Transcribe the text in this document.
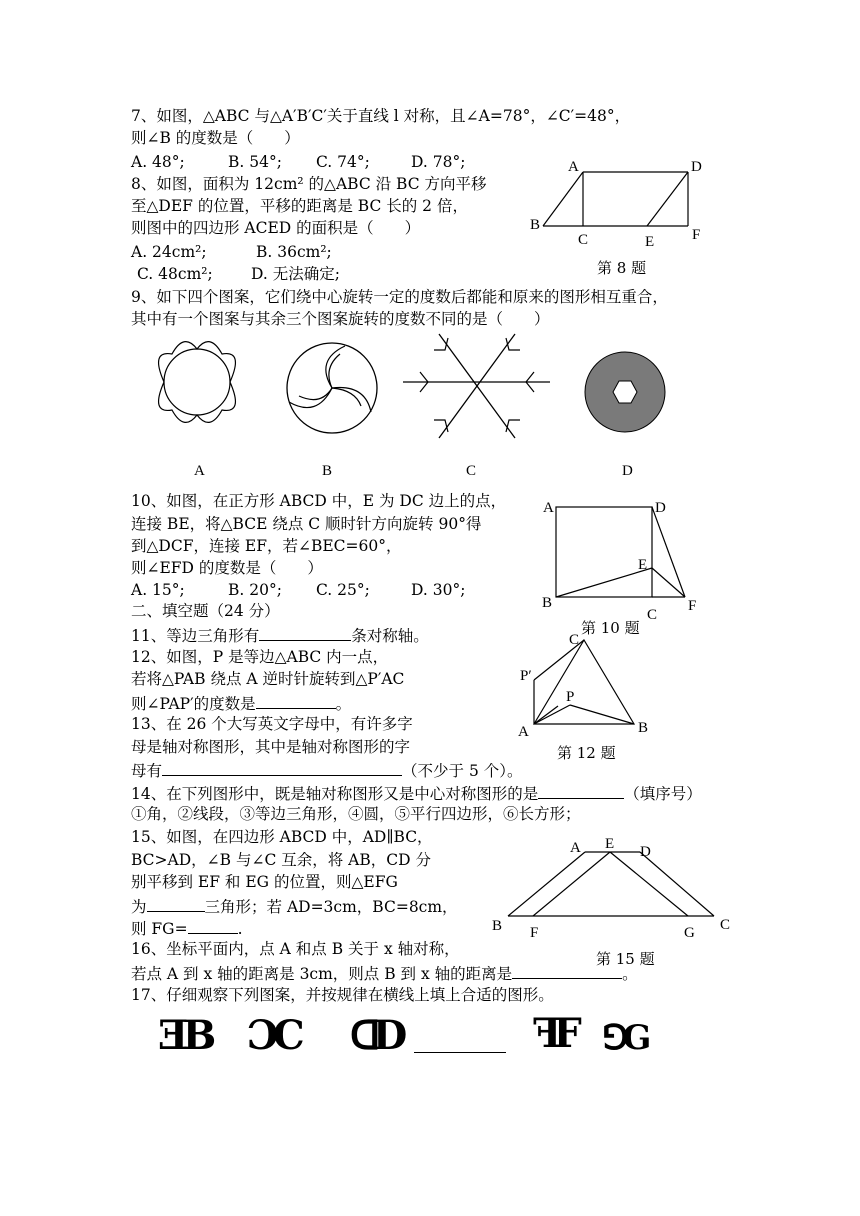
7、如图，△ABC 与△A′B′C′关于直线 l 对称，且∠A=78°，∠C′=48°，
则∠B 的度数是（　　）
A. 48°;	B. 54°; C. 74°;	D. 78°;
8、如图，面积为 12cm² 的△ABC 沿 BC 方向平移
至△DEF 的位置，平移的距离是 BC 长的 2 倍，
则图中的四边形 ACED 的面积是（　　）
A. 24cm²;	B. 36cm²;
C. 48cm²; D. 无法确定;
A	D
B
C	E	F
第 8 题
9、如下四个图案，它们绕中心旋转一定的度数后都能和原来的图形相互重合，
其中有一个图案与其余三个图案旋转的度数不同的是（　　）
A	B	C	D
10、如图，在正方形 ABCD 中，E 为 DC 边上的点，
连接 BE，将△BCE 绕点 C 顺时针方向旋转 90°得
到△DCF，连接 EF，若∠BEC=60°，
则∠EFD 的度数是（　　）
A. 15°;	B. 20°; C. 25°;	D. 30°;
A	D
E
B
C
F
第 10 题
二、填空题（24 分）
11、等边三角形有	条对称轴。
12、如图，P 是等边△ABC 内一点，
若将△PAB 绕点 A 逆时针旋转到△P′AC
则∠PAP′的度数是	。
C
P′
P
A	B
第 12 题
13、在 26 个大写英文字母中，有许多字
母是轴对称图形，其中是轴对称图形的字
母有	（不少于 5 个）。
14、在下列图形中，既是轴对称图形又是中心对称图形的是	（填序号）
①角，②线段，③等边三角形，④圆，⑤平行四边形，⑥长方形；
15、如图，在四边形 ABCD 中，AD∥BC，
BC>AD，∠B 与∠C 互余，将 AB，CD 分
别平移到 EF 和 EG 的位置，则△EFG
为	三角形；若 AD=3cm，BC=8cm，
则 FG=	.
A E D
B F	G C
第 15 题
16、坐标平面内，点 A 和点 B 关于 x 轴对称，
若点 A 到 x 轴的距离是 3cm，则点 B 到 x 轴的距离是	。
17、仔细观察下列图案，并按规律在横线上填上合适的图形。
ƎB ƆC ꓷD	ꟻF ꓨG
